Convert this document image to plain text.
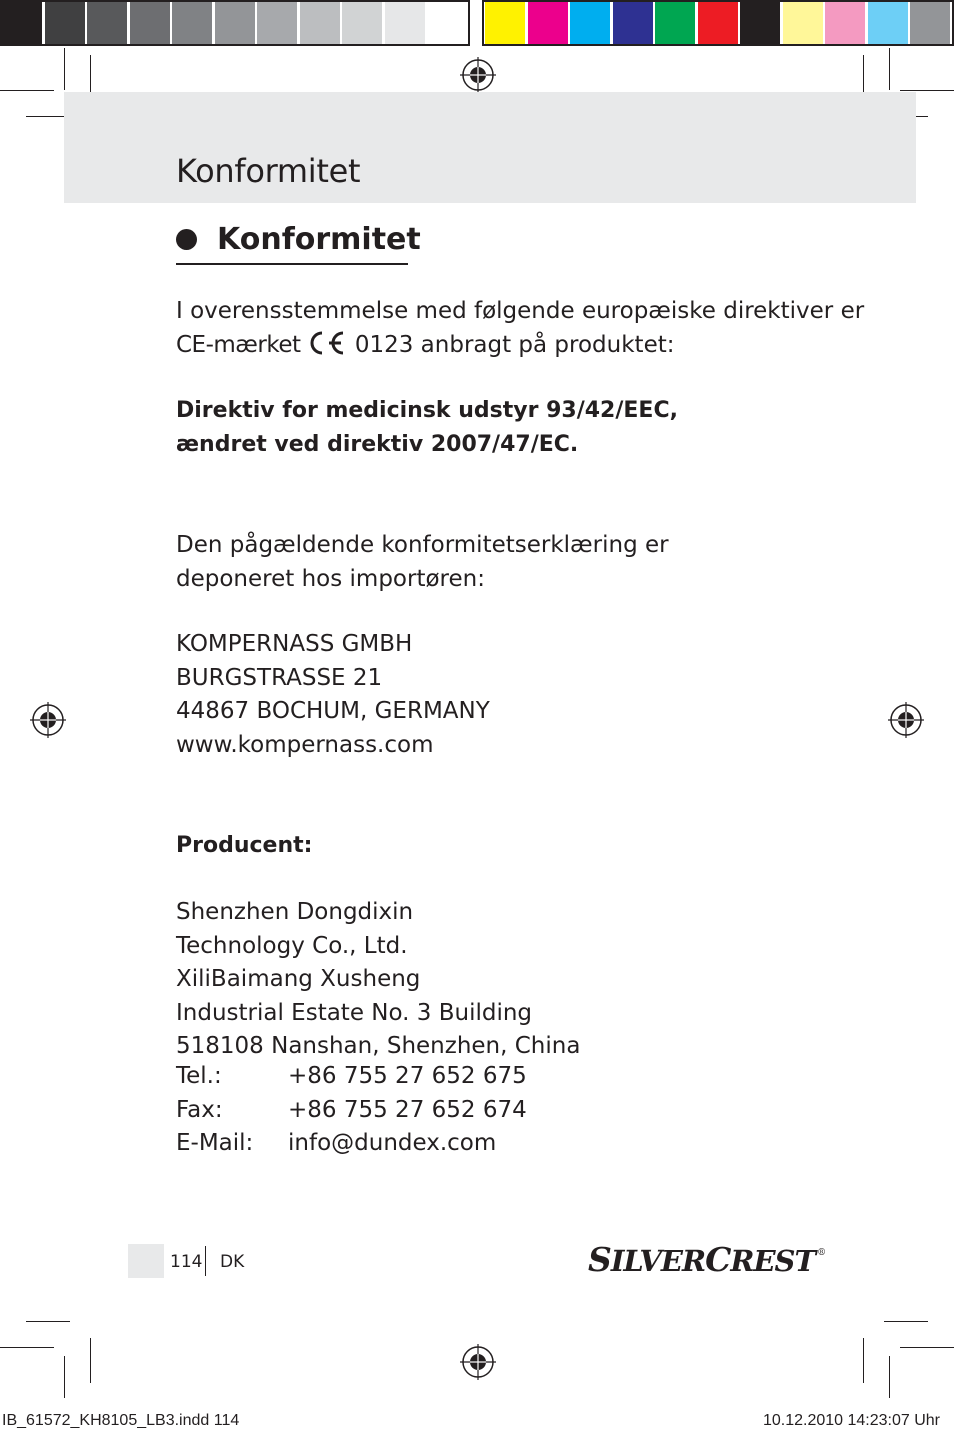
Konformitet
Konformitet
I overensstemmelse med følgende europæiske direktiver er
CE-mærket 0123 anbragt på produktet:
Direktiv for medicinsk udstyr 93/42/EEC,
ændret ved direktiv 2007/47/EC.
Den pågældende konformitetserklæring er
deponeret hos importøren:
KOMPERNASS GMBH
BURGSTRASSE 21
44867 BOCHUM, GERMANY
www.kompernass.com
Producent:
Shenzhen Dongdixin
Technology Co., Ltd.
XiliBaimang Xusheng
Industrial Estate No. 3 Building
518108 Nanshan, Shenzhen, China
Tel.:	+86 755 27 652 675
Fax:	+86 755 27 652 674
E-Mail: info@dundex.com
114 DK	SILVERCREST ®
IB_61572_KH8105_LB3.indd 114	10.12.2010 14:23:07 Uhr
